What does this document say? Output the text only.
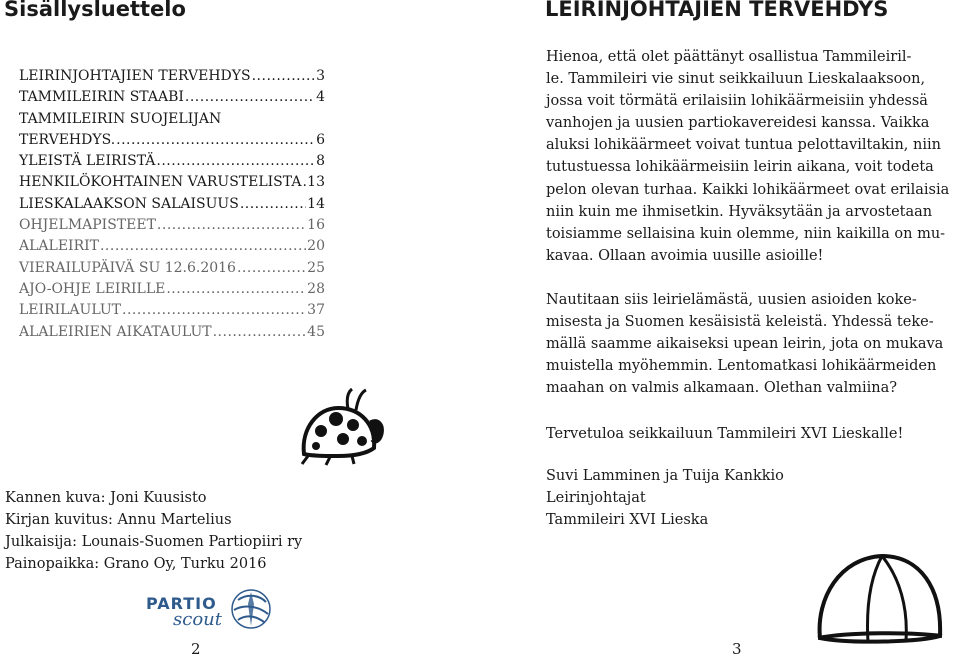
Sisällysluettelo
LEIRINJOHTAJIEN TERVEHDYS .....	3
TAMMILEIRIN STAABI .....	4
TAMMILEIRIN SUOJELIJAN
TERVEHDYS. .....	6
YLEISTÄ LEIRISTÄ .....	8
HENKILÖKOHTAINEN VARUSTELISTA ..... 13
LIESKALAAKSON SALAISUUS .....	14
OHJELMAPISTEET .....	16
ALALEIRIT .....	20
VIERAILUPÄIVÄ SU 12.6.2016 .....	25
AJO-OHJE LEIRILLE .....	28
LEIRILAULUT .....	37
ALALEIRIEN AIKATAULUT .....	45
Kannen kuva: Joni Kuusisto
Kirjan kuvitus: Annu Martelius
Julkaisija: Lounais-Suomen Partiopiiri ry
Painopaikka: Grano Oy, Turku 2016
PARTIO
scout
2
LEIRINJOHTAJIEN TERVEHDYS

Hienoa, että olet päättänyt osallistua Tammileiril-
le. Tammileiri vie sinut seikkailuun Lieskalaaksoon,
jossa voit törmätä erilaisiin lohikäärmeisiin yhdessä
vanhojen ja uusien partiokavereidesi kanssa. Vaikka
aluksi lohikäärmeet voivat tuntua pelottaviltakin, niin
tutustuessa lohikäärmeisiin leirin aikana, voit todeta
pelon olevan turhaa. Kaikki lohikäärmeet ovat erilaisia
niin kuin me ihmisetkin. Hyväksytään ja arvostetaan
toisiamme sellaisina kuin olemme, niin kaikilla on mu-
kavaa. Ollaan avoimia uusille asioille!

Nautitaan siis leirielämästä, uusien asioiden koke-
misesta ja Suomen kesäisistä keleistä. Yhdessä teke-
mällä saamme aikaiseksi upean leirin, jota on mukava
muistella myöhemmin. Lentomatkasi lohikäärmeiden
maahan on valmis alkamaan. Olethan valmiina?

Tervetuloa seikkailuun Tammileiri XVI Lieskalle!
Suvi Lamminen ja Tuija Kankkio
Leirinjohtajat
Tammileiri XVI Lieska
3
